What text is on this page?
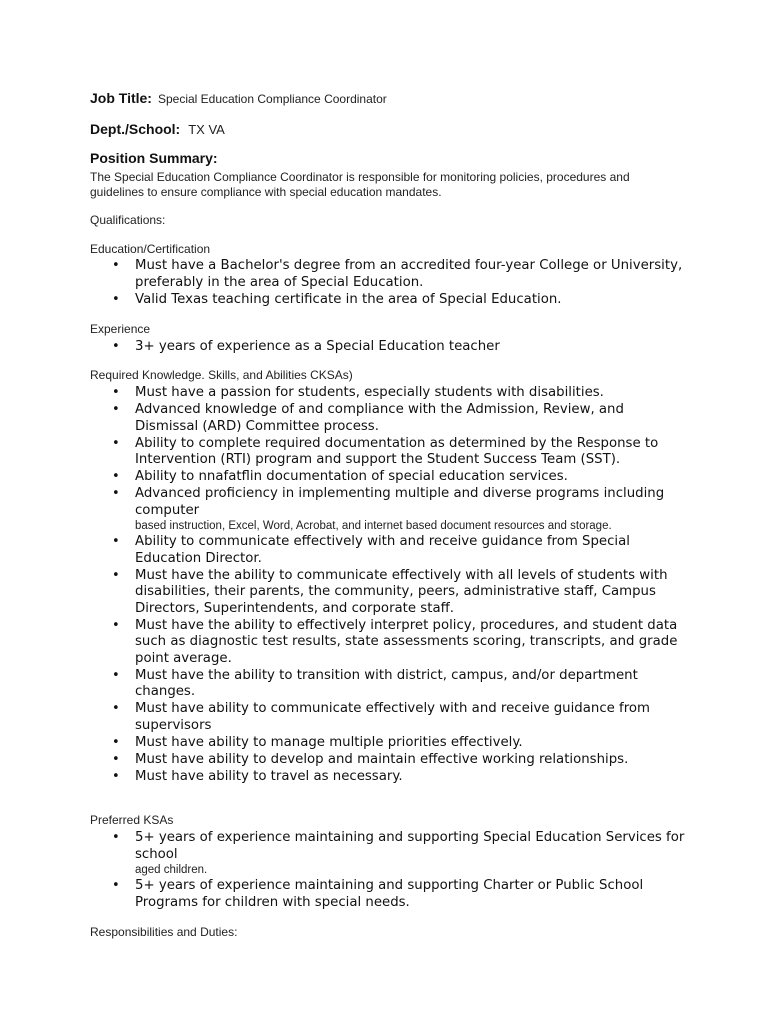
Job Title: Special Education Compliance Coordinator
Dept./School: TX VA
Position Summary:
The Special Education Compliance Coordinator is responsible for monitoring policies, procedures and guidelines to ensure compliance with special education mandates.
Qualifications:
Education/Certification
• Must have a Bachelor's degree from an accredited four-year College or University, preferably in the area of Special Education.
• Valid Texas teaching certificate in the area of Special Education.
Experience
• 3+ years of experience as a Special Education teacher
Required Knowledge. Skills, and Abilities CKSAs)
• Must have a passion for students, especially students with disabilities.
• Advanced knowledge of and compliance with the Admission, Review, and Dismissal (ARD) Committee process.
• Ability to complete required documentation as determined by the Response to Intervention (RTI) program and support the Student Success Team (SST).
• Ability to nnafatflin documentation of special education services.
• Advanced proficiency in implementing multiple and diverse programs including computer
based instruction, Excel, Word, Acrobat, and internet based document resources and storage.
• Ability to communicate effectively with and receive guidance from Special Education Director.
• Must have the ability to communicate effectively with all levels of students with disabilities, their parents, the community, peers, administrative staff, Campus Directors, Superintendents, and corporate staff.
• Must have the ability to effectively interpret policy, procedures, and student data such as diagnostic test results, state assessments scoring, transcripts, and grade point average.
• Must have the ability to transition with district, campus, and/or department changes.
• Must have ability to communicate effectively with and receive guidance from supervisors
• Must have ability to manage multiple priorities effectively.
• Must have ability to develop and maintain effective working relationships.
• Must have ability to travel as necessary.
Preferred KSAs
• 5+ years of experience maintaining and supporting Special Education Services for school
aged children.
• 5+ years of experience maintaining and supporting Charter or Public School Programs for children with special needs.
Responsibilities and Duties:
